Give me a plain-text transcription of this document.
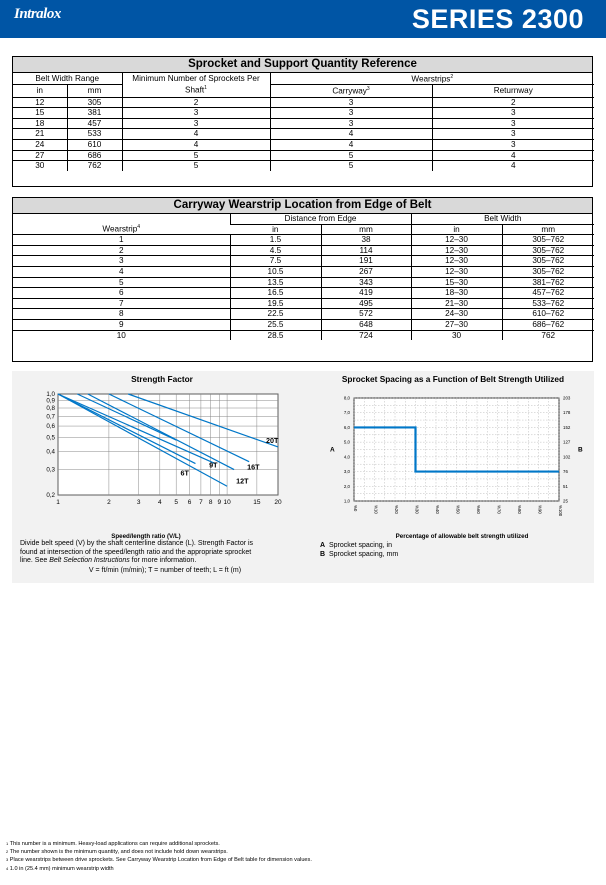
Intralox	SERIES 2300
Sprocket and Support Quantity Reference
Belt Width Range		Minimum Number of Sprockets Per Shaft$^1$	Wearstrips$^2$
in	mm		Carryway$^3$	Returnway
12	305	2	3	2
15	381	3	3	3
18	457	3	3	3
21	533	4	4	3
24	610	4	4	3
27	686	5	5	4
30	762	5	5	4
Carryway Wearstrip Location from Edge of Belt
Wearstrip$^4$	Distance from Edge		Belt Width	
	in	mm	in	mm
1	1.5	38	12–30	305–762
2	4.5	114	12–30	305–762
3	7.5	191	12–30	305–762
4	10.5	267	12–30	305–762
5	13.5	343	15–30	381–762
6	16.5	419	18–30	457–762
7	19.5	495	21–30	533–762
8	22.5	572	24–30	610–762
9	25.5	648	27–30	686–762
10	28.5	724	30	762
Strength Factor	Sprocket Spacing as a Function of Belt Strength Utilized
1	2	3	4 5 6 7 8 9 10	15 20
1,0
0,9
0,8
0,7
0,6
0,5
0,4
0,3
0,2
6T
9T
12T
16T
20T
1,0
2,0
3,0
4,0
5,0
6,0
7,0
8,0
25
51
76
102
127
152
178
203
%0	%10	%20	%30	%40	%50	%60	%70	%80	%90	%100
A	B
Speed/length ratio (V/L)
Divide belt speed (V) by the shaft centerline distance (L). Strength Factor is
found at intersection of the speed/length ratio and the appropriate sprocket
line. See Belt Selection Instructions for more information.
V = ft/min (m/min); T = number of teeth; L = ft (m)
Percentage of allowable belt strength utilized
A Sprocket spacing, in
B Sprocket spacing, mm
$^1$ This number is a minimum. Heavy-load applications can require additional sprockets.
$^2$ The number shown is the minimum quantity, and does not include hold down wearstrips.
$^3$ Place wearstrips between drive sprockets. See Carryway Wearstrip Location from Edge of Belt table for dimension values.
$^4$ 1.0 in (25.4 mm) minimum wearstrip width
